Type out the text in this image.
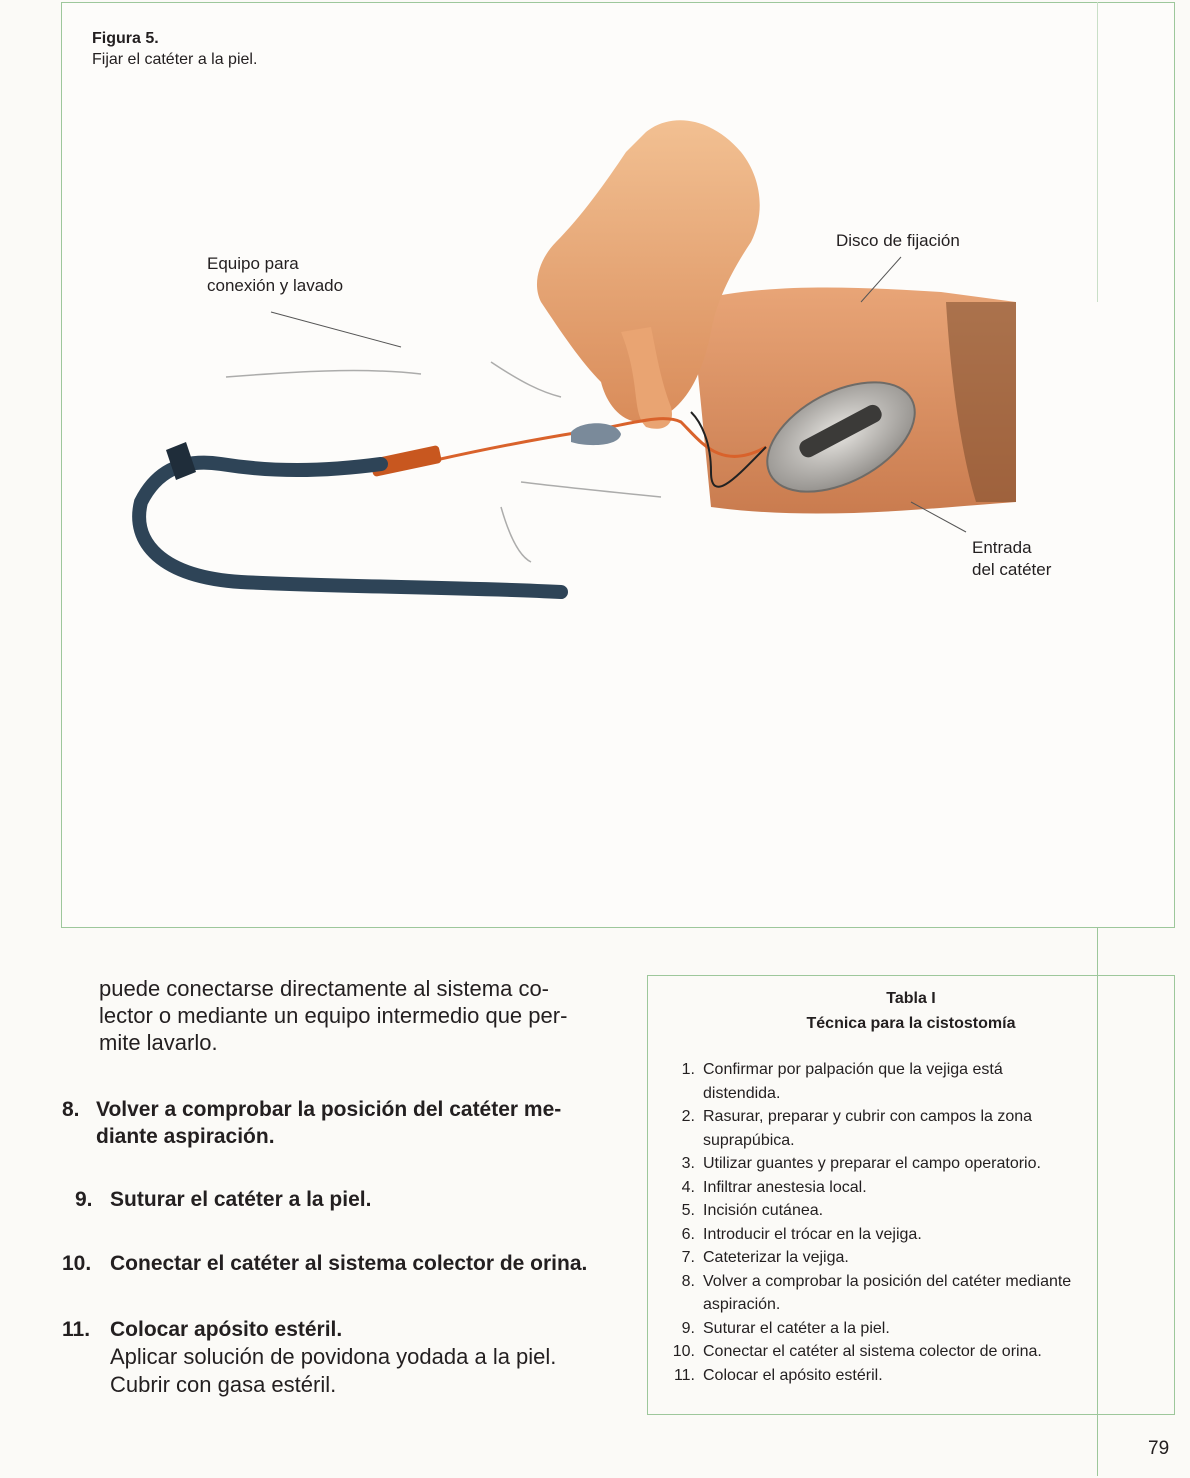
Figura 5.
Fijar el catéter a la piel.
Equipo para
conexión y lavado
Disco de fijación
Entrada
del catéter
puede conectarse directamente al sistema co-
lector o mediante un equipo intermedio que per-
mite lavarlo.
8. Volver a comprobar la posición del catéter me-
diante aspiración.
9. Suturar el catéter a la piel.
10. Conectar el catéter al sistema colector de orina.
11. Colocar apósito estéril.
Aplicar solución de povidona yodada a la piel.
Cubrir con gasa estéril.
Tabla I
Técnica para la cistostomía
1. Confirmar por palpación que la vejiga está
distendida.
2. Rasurar, preparar y cubrir con campos la zona
suprapúbica.
3. Utilizar guantes y preparar el campo operatorio.
4. Infiltrar anestesia local.
5. Incisión cutánea.
6. Introducir el trócar en la vejiga.
7. Cateterizar la vejiga.
8. Volver a comprobar la posición del catéter mediante
aspiración.
9. Suturar el catéter a la piel.
10. Conectar el catéter al sistema colector de orina.
11. Colocar el apósito estéril.
79
